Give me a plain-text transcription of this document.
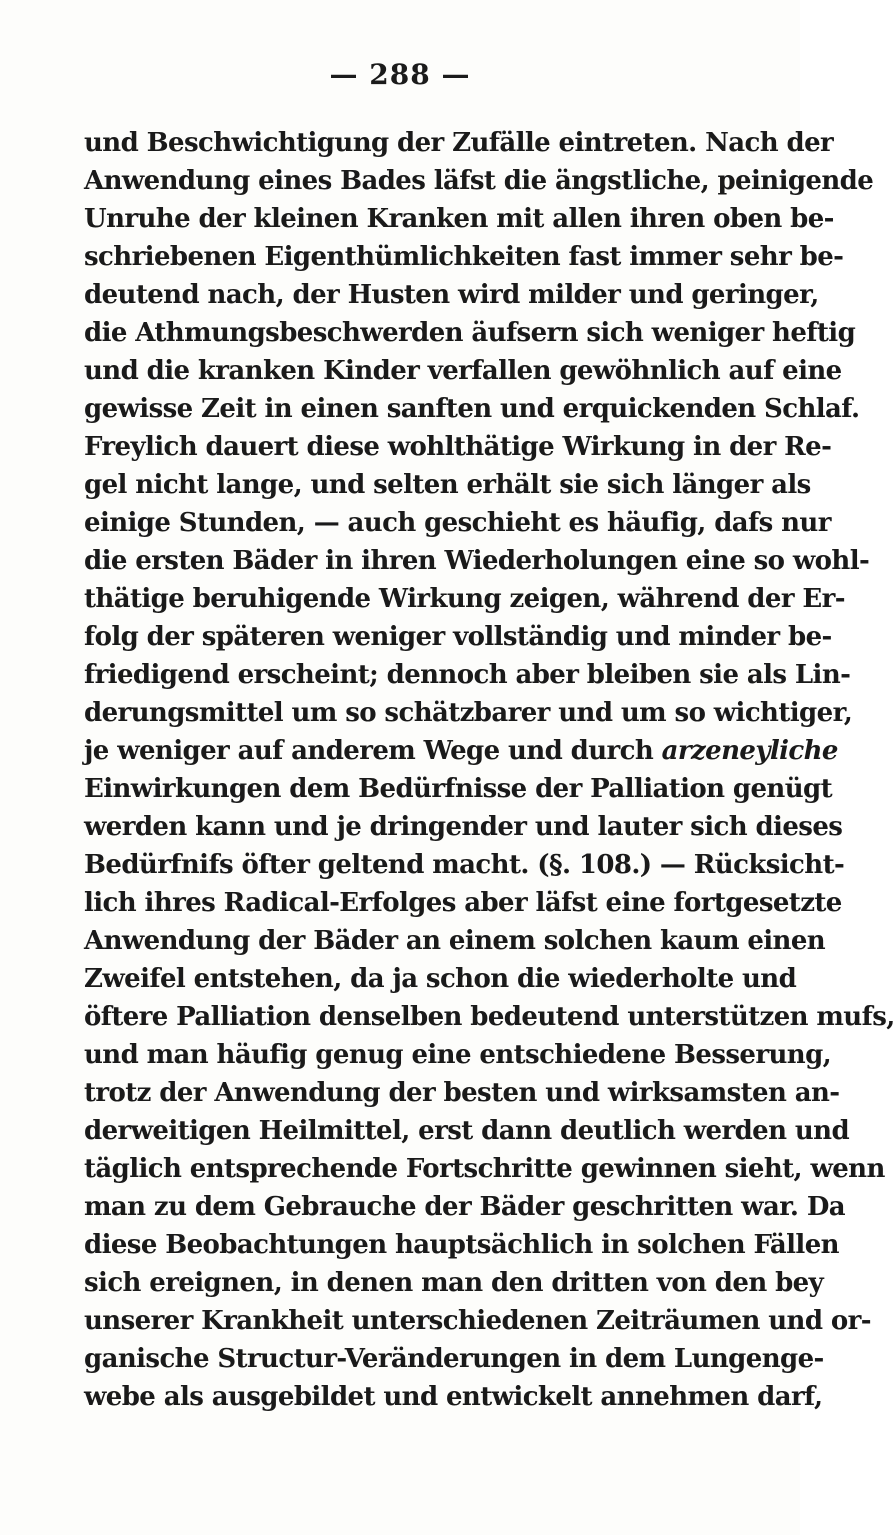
— 288 —
und Beschwichtigung der Zufälle eintreten. Nach der
Anwendung eines Bades läfst die ängstliche, peinigende
Unruhe der kleinen Kranken mit allen ihren oben be-
schriebenen Eigenthümlichkeiten fast immer sehr be-
deutend nach, der Husten wird milder und geringer,
die Athmungsbeschwerden äufsern sich weniger heftig
und die kranken Kinder verfallen gewöhnlich auf eine
gewisse Zeit in einen sanften und erquickenden Schlaf.
Freylich dauert diese wohlthätige Wirkung in der Re-
gel nicht lange, und selten erhält sie sich länger als
einige Stunden, — auch geschieht es häufig, dafs nur
die ersten Bäder in ihren Wiederholungen eine so wohl-
thätige beruhigende Wirkung zeigen, während der Er-
folg der späteren weniger vollständig und minder be-
friedigend erscheint; dennoch aber bleiben sie als Lin-
derungsmittel um so schätzbarer und um so wichtiger,
je weniger auf anderem Wege und durch arzeneyliche
Einwirkungen dem Bedürfnisse der Palliation genügt
werden kann und je dringender und lauter sich dieses
Bedürfnifs öfter geltend macht. (§. 108.) — Rücksicht-
lich ihres Radical-Erfolges aber läfst eine fortgesetzte
Anwendung der Bäder an einem solchen kaum einen
Zweifel entstehen, da ja schon die wiederholte und
öftere Palliation denselben bedeutend unterstützen mufs,
und man häufig genug eine entschiedene Besserung,
trotz der Anwendung der besten und wirksamsten an-
derweitigen Heilmittel, erst dann deutlich werden und
täglich entsprechende Fortschritte gewinnen sieht, wenn
man zu dem Gebrauche der Bäder geschritten war. Da
diese Beobachtungen hauptsächlich in solchen Fällen
sich ereignen, in denen man den dritten von den bey
unserer Krankheit unterschiedenen Zeiträumen und or-
ganische Structur-Veränderungen in dem Lungenge-
webe als ausgebildet und entwickelt annehmen darf,
